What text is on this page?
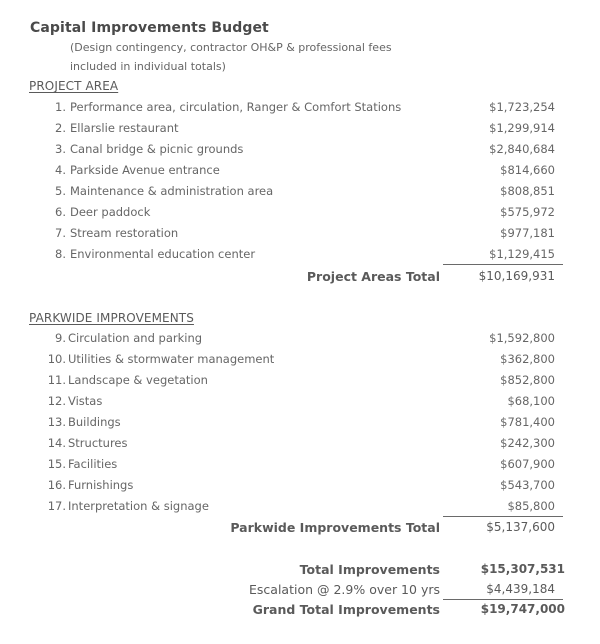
Capital Improvements Budget
(Design contingency, contractor OH&P & professional fees
included in individual totals)
PROJECT AREA
1. Performance area, circulation, Ranger & Comfort Stations	$1,723,254
2. Ellarslie restaurant	$1,299,914
3. Canal bridge & picnic grounds	$2,840,684
4. Parkside Avenue entrance	$814,660
5. Maintenance & administration area	$808,851
6. Deer paddock	$575,972
7. Stream restoration	$977,181
8. Environmental education center	$1,129,415
Project Areas Total	$10,169,931
PARKWIDE IMPROVEMENTS
9. Circulation and parking	$1,592,800
10. Utilities & stormwater management	$362,800
11. Landscape & vegetation	$852,800
12. Vistas	$68,100
13. Buildings	$781,400
14. Structures	$242,300
15. Facilities	$607,900
16. Furnishings	$543,700
17. Interpretation & signage	$85,800
Parkwide Improvements Total	$5,137,600
Total Improvements	$15,307,531
Escalation @ 2.9% over 10 yrs	$4,439,184
Grand Total Improvements	$19,747,000
